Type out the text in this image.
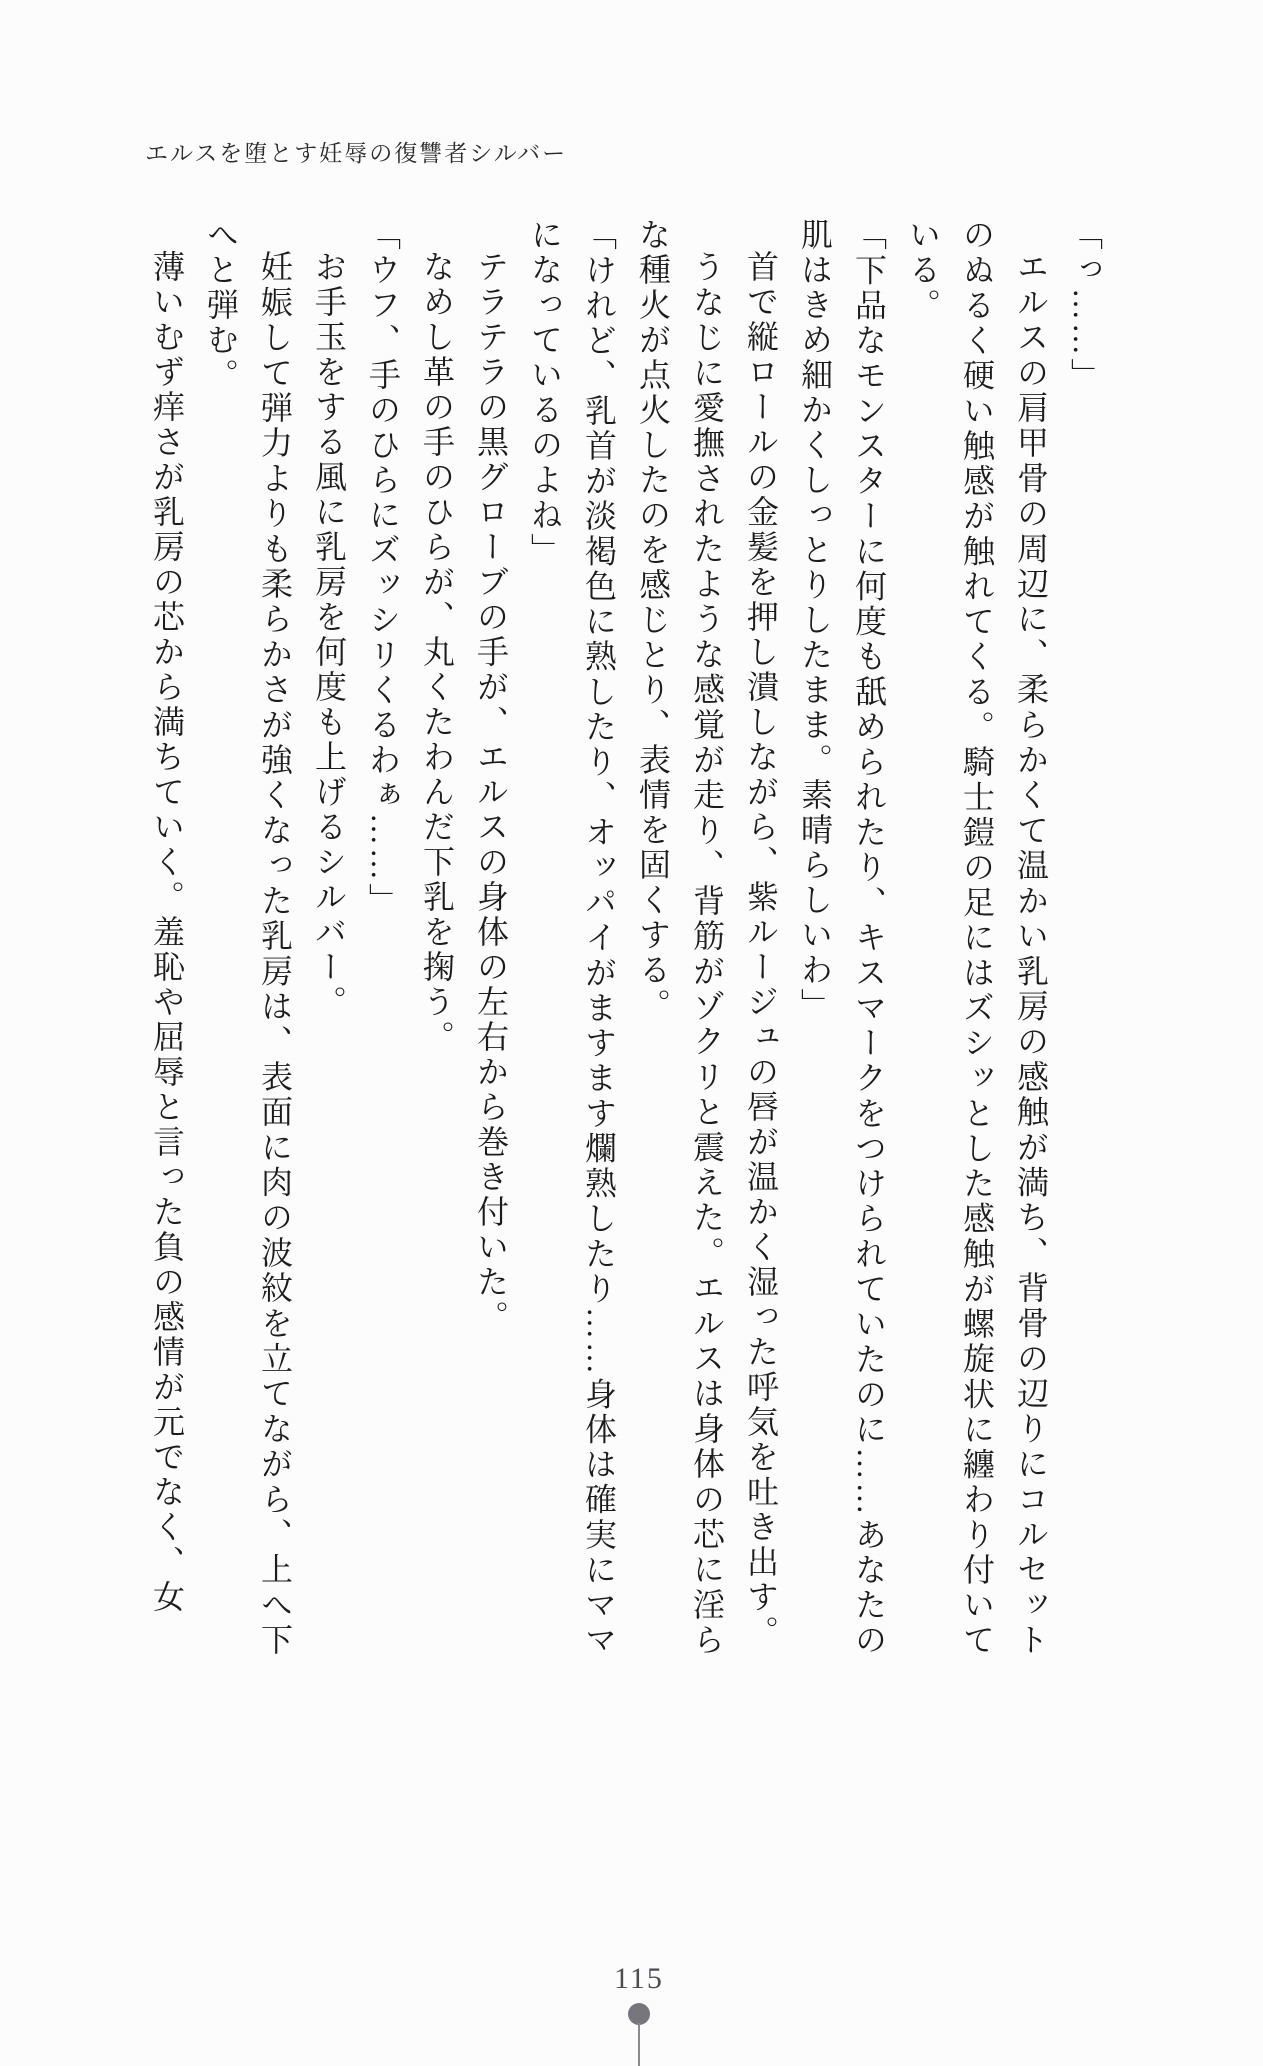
エルスを堕とす妊辱の復讐者シルバー

「っ……」

エルスの肩甲骨の周辺に、柔らかくて温かい乳房の感触が満ち、背骨の辺りにコルセットのぬるく硬い触感が触れてくる。騎士鎧の足にはズシッとした感触が螺旋状に纏わり付いている。

「下品なモンスターに何度も舐められたり、キスマークをつけられていたのに……あなたの肌はきめ細かくしっとりしたまま。素晴らしいわ」

首で縦ロールの金髪を押し潰しながら、紫ルージュの唇が温かく湿った呼気を吐き出す。

うなじに愛撫されたような感覚が走り、背筋がゾクリと震えた。エルスは身体の芯に淫らな種火が点火したのを感じとり、表情を固くする。

「けれど、乳首が淡褐色に熟したり、オッパイがますます爛熟したり……身体は確実にママになっているのよね」

テラテラの黒グローブの手が、エルスの身体の左右から巻き付いた。

なめし革の手のひらが、丸くたわんだ下乳を掬う。

「ウフ、手のひらにズッシリくるわぁ……」

お手玉をする風に乳房を何度も上げるシルバー。

妊娠して弾力よりも柔らかさが強くなった乳房は、表面に肉の波紋を立てながら、上へ下へと弾む。

薄いむず痒さが乳房の芯から満ちていく。羞恥や屈辱と言った負の感情が元でなく、女

115
